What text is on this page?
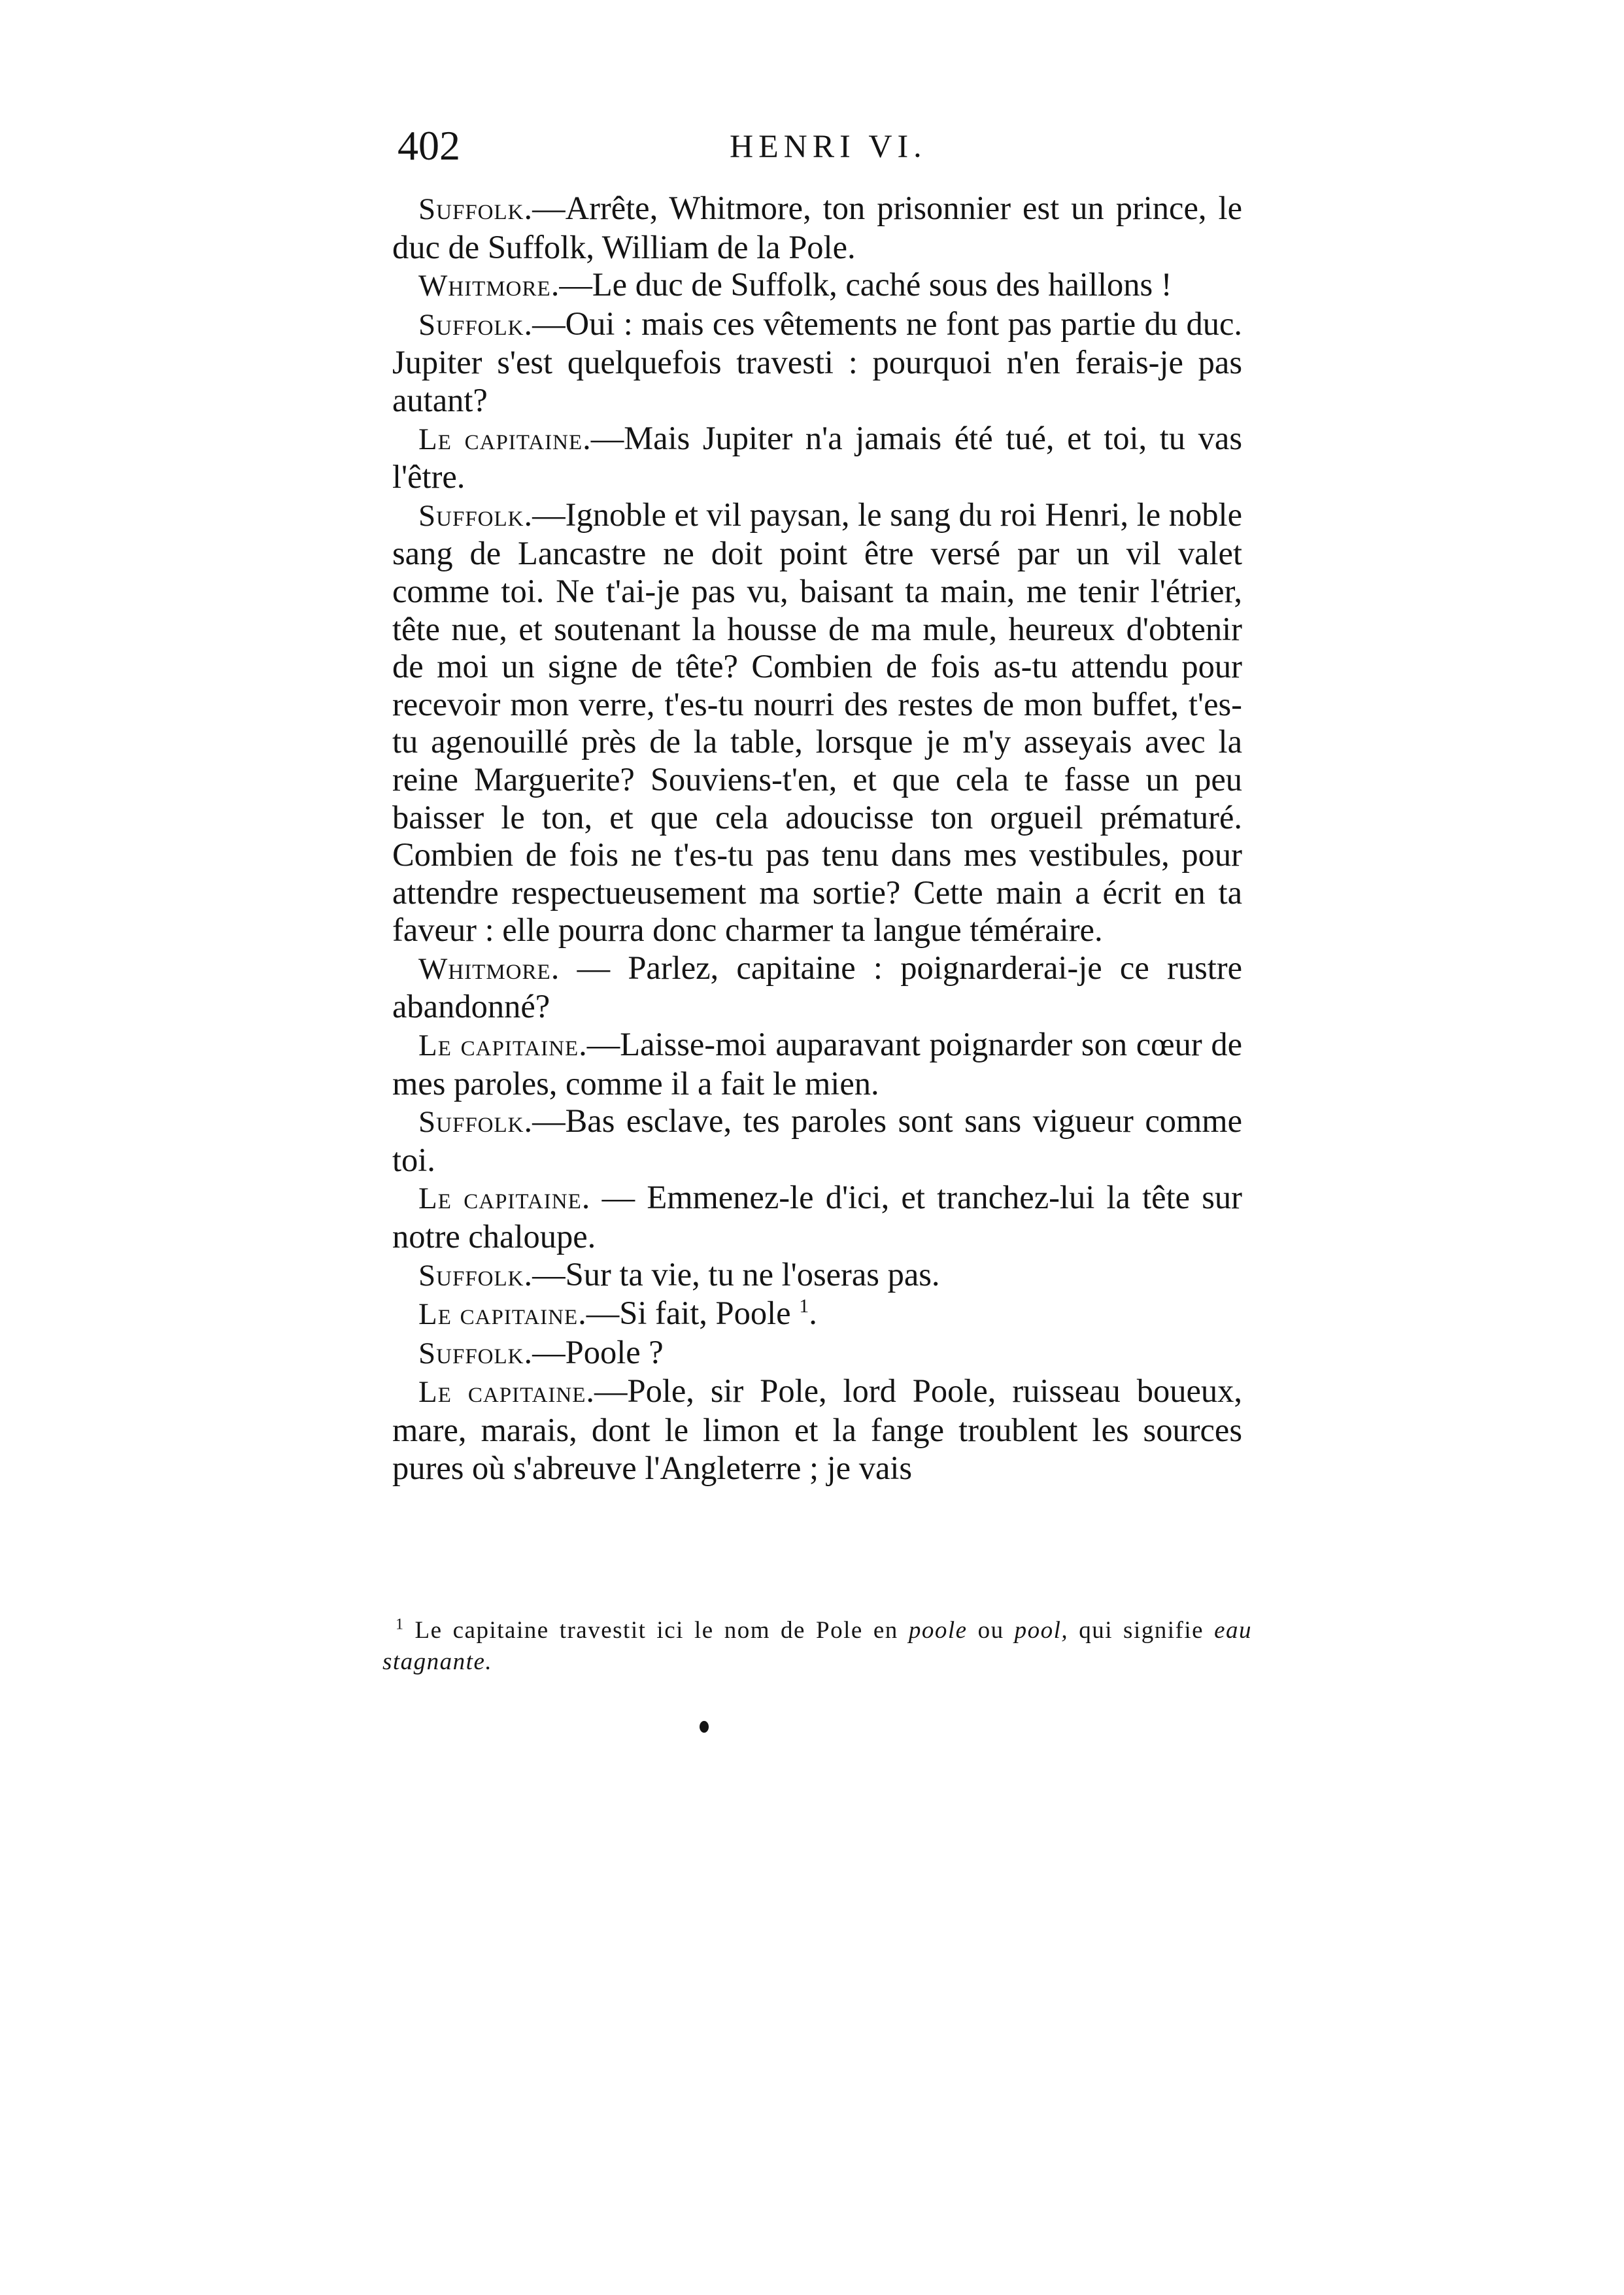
402	HENRI VI.

Suffolk.—Arrête, Whitmore, ton prisonnier est un prince, le duc de Suffolk, William de la Pole.

Whitmore.—Le duc de Suffolk, caché sous des haillons !

Suffolk.—Oui : mais ces vêtements ne font pas partie du duc. Jupiter s'est quelquefois travesti : pourquoi n'en ferais-je pas autant?

Le capitaine.—Mais Jupiter n'a jamais été tué, et toi, tu vas l'être.

Suffolk.—Ignoble et vil paysan, le sang du roi Henri, le noble sang de Lancastre ne doit point être versé par un vil valet comme toi. Ne t'ai-je pas vu, baisant ta main, me tenir l'étrier, tête nue, et soutenant la housse de ma mule, heureux d'obtenir de moi un signe de tête? Combien de fois as-tu attendu pour recevoir mon verre, t'es-tu nourri des restes de mon buffet, t'es-tu agenouillé près de la table, lorsque je m'y asseyais avec la reine Marguerite? Souviens-t'en, et que cela te fasse un peu baisser le ton, et que cela adoucisse ton orgueil prématuré. Combien de fois ne t'es-tu pas tenu dans mes vestibules, pour attendre respectueusement ma sortie? Cette main a écrit en ta faveur : elle pourra donc charmer ta langue téméraire.

Whitmore. — Parlez, capitaine : poignarderai-je ce rustre abandonné?

Le capitaine.—Laisse-moi auparavant poignarder son cœur de mes paroles, comme il a fait le mien.

Suffolk.—Bas esclave, tes paroles sont sans vigueur comme toi.

Le capitaine. — Emmenez-le d'ici, et tranchez-lui la tête sur notre chaloupe.

Suffolk.—Sur ta vie, tu ne l'oseras pas.

Le capitaine.—Si fait, Poole $^1$.

Suffolk.—Poole ?

Le capitaine.—Pole, sir Pole, lord Poole, ruisseau boueux, mare, marais, dont le limon et la fange troublent les sources pures où s'abreuve l'Angleterre ; je vais

$^1$ Le capitaine travestit ici le nom de Pole en poole ou pool, qui signifie eau stagnante.
